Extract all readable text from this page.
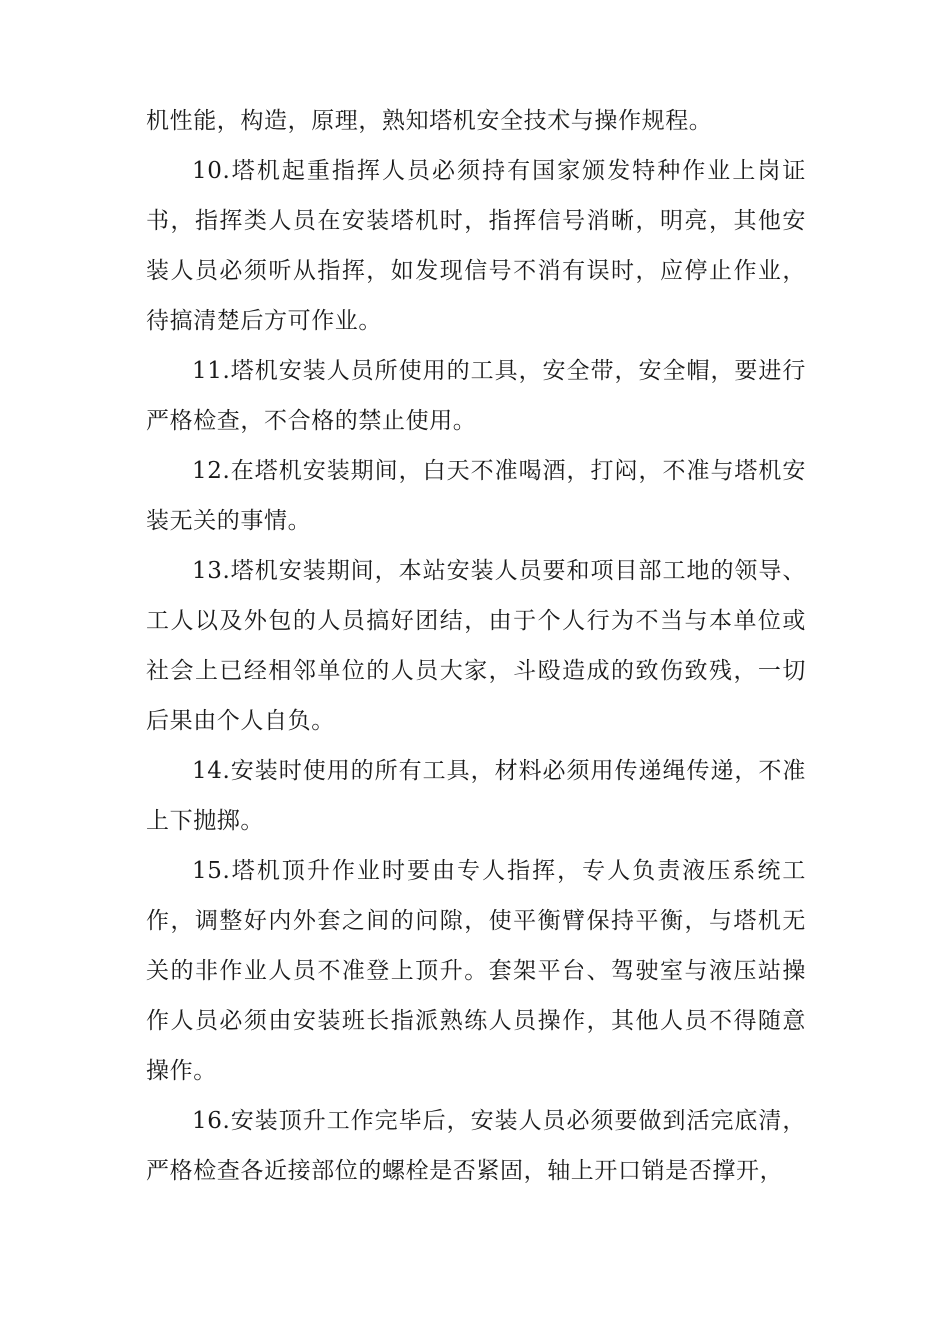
机性能，构造，原理，熟知塔机安全技术与操作规程。

10.塔机起重指挥人员必须持有国家颁发特种作业上岗证书，指挥类人员在安装塔机时，指挥信号消晰，明亮，其他安装人员必须听从指挥，如发现信号不消有误时，应停止作业，待搞清楚后方可作业。

11.塔机安装人员所使用的工具，安全带，安全帽，要进行严格检查，不合格的禁止使用。

12.在塔机安装期间，白天不准喝酒，打闷，不准与塔机安装无关的事情。

13.塔机安装期间，本站安装人员要和项目部工地的领导、工人以及外包的人员搞好团结，由于个人行为不当与本单位或社会上已经相邻单位的人员大家，斗殴造成的致伤致残，一切后果由个人自负。

14.安装时使用的所有工具，材料必须用传递绳传递，不准上下抛掷。

15.塔机顶升作业时要由专人指挥，专人负责液压系统工作，调整好内外套之间的问隙，使平衡臂保持平衡，与塔机无关的非作业人员不准登上顶升。套架平台、驾驶室与液压站操作人员必须由安装班长指派熟练人员操作，其他人员不得随意操作。

16.安装顶升工作完毕后，安装人员必须要做到活完底清，严格检查各近接部位的螺栓是否紧固，轴上开口销是否撑开，
